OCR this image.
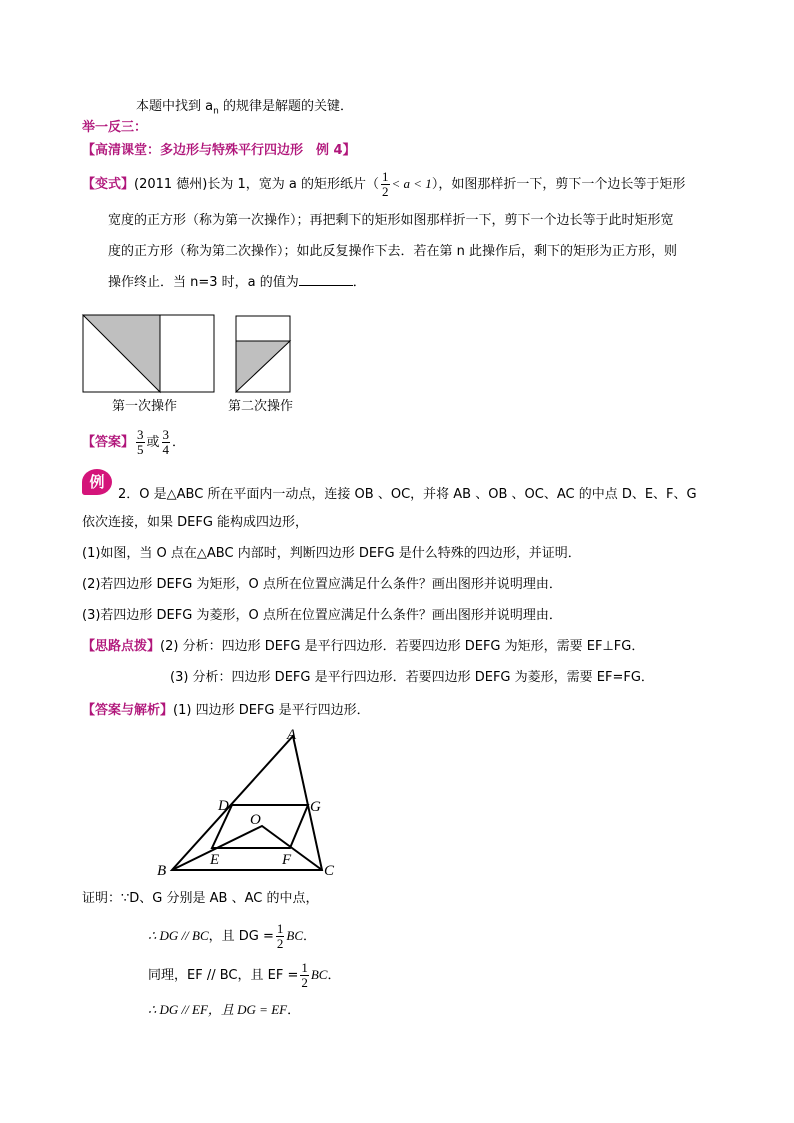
本题中找到 $a_n$ 的规律是解题的关键．
举一反三：
【高清课堂：多边形与特殊平行四边形　例 4】
【变式】(2011 德州)长为 1，宽为 a 的矩形纸片（ $\frac{1}{2} < a < 1$），如图那样折一下，剪下一个边长等于矩形
宽度的正方形（称为第一次操作）；再把剩下的矩形如图那样折一下，剪下一个边长等于此时矩形宽
度的正方形（称为第二次操作）；如此反复操作下去．若在第 n 此操作后，剩下的矩形为正方形，则
操作终止．当 n=3 时，a 的值为	．
第一次操作	第二次操作
【答案】 $\frac{3}{5}$ 或 $\frac{3}{4}$ ．
例
2．O 是△ABC 所在平面内一动点，连接 OB 、OC，并将 AB 、OB 、OC、AC 的中点 D、E、F、G
依次连接，如果 DEFG 能构成四边形，
(1)如图，当 O 点在△ABC 内部时，判断四边形 DEFG 是什么特殊的四边形，并证明．
(2)若四边形 DEFG 为矩形，O 点所在位置应满足什么条件？画出图形并说明理由．
(3)若四边形 DEFG 为菱形，O 点所在位置应满足什么条件？画出图形并说明理由．
【思路点拨】(2) 分析：四边形 DEFG 是平行四边形．若要四边形 DEFG 为矩形，需要 EF⊥FG．
(3) 分析：四边形 DEFG 是平行四边形．若要四边形 DEFG 为菱形，需要 EF=FG．
【答案与解析】(1) 四边形 DEFG 是平行四边形．
A
B	C
D	G
O
E	F
证明：∵D、G 分别是 AB 、AC 的中点，
∴ DG // BC，且 DG = $\frac{1}{2}$ BC．
同理，EF // BC，且 EF = $\frac{1}{2}$ BC．
∴ DG // EF，且 DG = EF．
